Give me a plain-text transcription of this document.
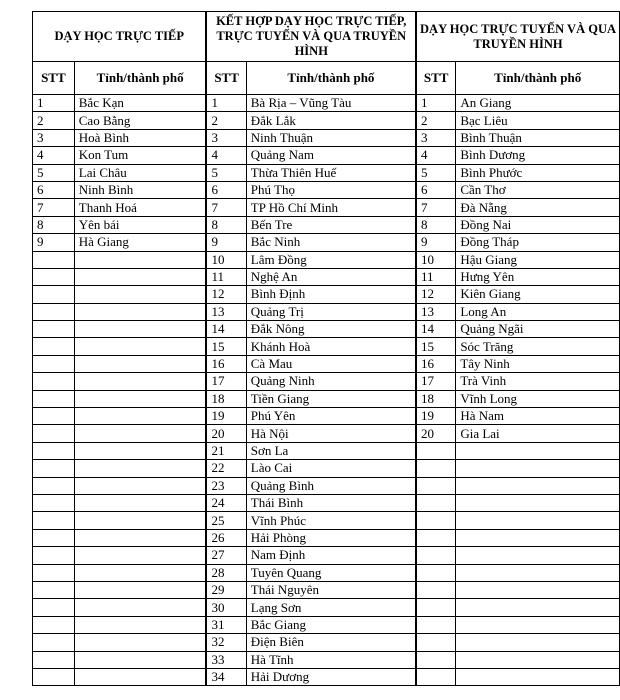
DẠY HỌC TRỰC TIẾP		KẾT HỢP DẠY HỌC TRỰC TIẾP, TRỰC TUYẾN VÀ QUA TRUYỀN HÌNH		DẠY HỌC TRỰC TUYẾN VÀ QUA TRUYỀN HÌNH	
STT	Tỉnh/thành phố	STT	Tỉnh/thành phố	STT	Tỉnh/thành phố
1	Bắc Kạn	1	Bà Rịa – Vũng Tàu	1	An Giang
2	Cao Bằng	2	Đắk Lắk	2	Bạc Liêu
3	Hoà Bình	3	Ninh Thuận	3	Bình Thuận
4	Kon Tum	4	Quảng Nam	4	Bình Dương
5	Lai Châu	5	Thừa Thiên Huế	5	Bình Phước
6	Ninh Bình	6	Phú Thọ	6	Cần Thơ
7	Thanh Hoá	7	TP Hồ Chí Minh	7	Đà Nẵng
8	Yên bái	8	Bến Tre	8	Đồng Nai
9	Hà Giang	9	Bắc Ninh	9	Đồng Tháp
		10	Lâm Đồng	10	Hậu Giang
		11	Nghệ An	11	Hưng Yên
		12	Bình Định	12	Kiên Giang
		13	Quảng Trị	13	Long An
		14	Đắk Nông	14	Quảng Ngãi
		15	Khánh Hoà	15	Sóc Trăng
		16	Cà Mau	16	Tây Ninh
		17	Quảng Ninh	17	Trà Vinh
		18	Tiền Giang	18	Vĩnh Long
		19	Phú Yên	19	Hà Nam
		20	Hà Nội	20	Gia Lai
		21	Sơn La		
		22	Lào Cai		
		23	Quảng Bình		
		24	Thái Bình		
		25	Vĩnh Phúc		
		26	Hải Phòng		
		27	Nam Định		
		28	Tuyên Quang		
		29	Thái Nguyên		
		30	Lạng Sơn		
		31	Bắc Giang		
		32	Điện Biên		
		33	Hà Tĩnh		
		34	Hải Dương		
